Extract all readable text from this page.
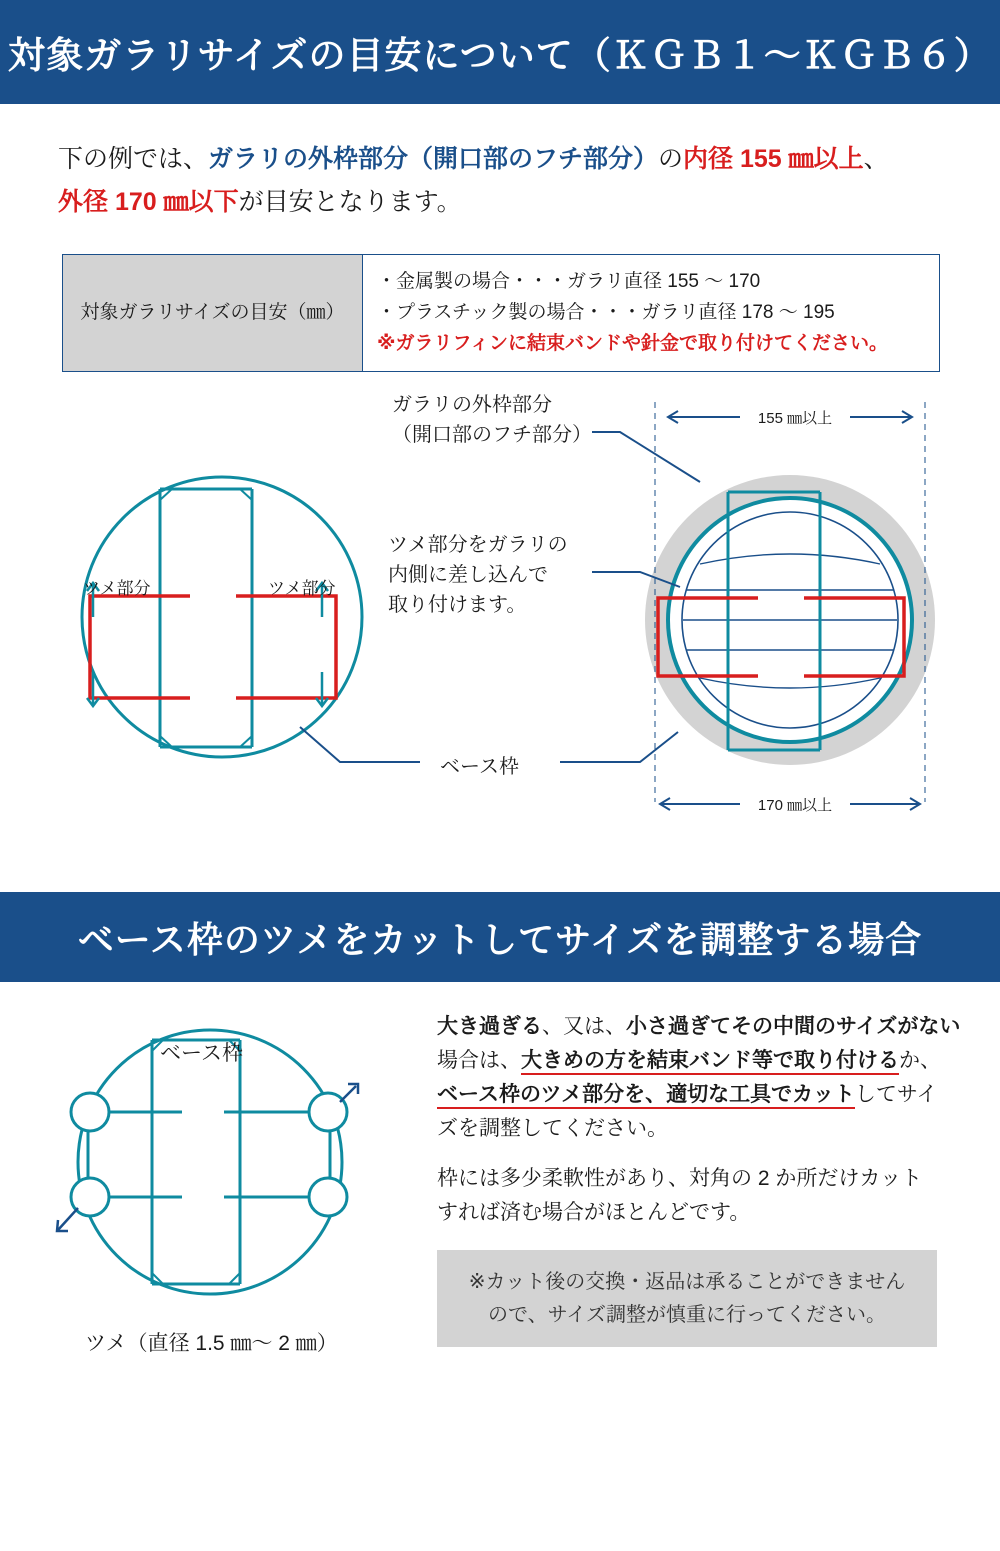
対象ガラリサイズの目安について（ＫＧＢ１〜ＫＧＢ６）
下の例では、ガラリの外枠部分（開口部のフチ部分）の内径 155 ㎜以上、
外径 170 ㎜以下が目安となります。
対象ガラリサイズの目安（㎜）
・金属製の場合・・・ガラリ直径 155 〜 170
・プラスチック製の場合・・・ガラリ直径 178 〜 195
※ガラリフィンに結束バンドや針金で取り付けてください。
155 ㎜以上
170 ㎜以上
ツメ部分	ツメ部分
ガラリの外枠部分
（開口部のフチ部分）
ツメ部分をガラリの
内側に差し込んで
取り付けます。
ベース枠
ベース枠のツメをカットしてサイズを調整する場合
ベース枠
ツメ（直径 1.5 ㎜〜 2 ㎜）
大き過ぎる、又は、小さ過ぎてその中間のサイズがない
場合は、大きめの方を結束バンド等で取り付けるか、
ベース枠のツメ部分を、適切な工具でカットしてサイ
ズを調整してください。
枠には多少柔軟性があり、対角の 2 か所だけカット
すれば済む場合がほとんどです。
※カット後の交換・返品は承ることができません
ので、サイズ調整が慎重に行ってください。
